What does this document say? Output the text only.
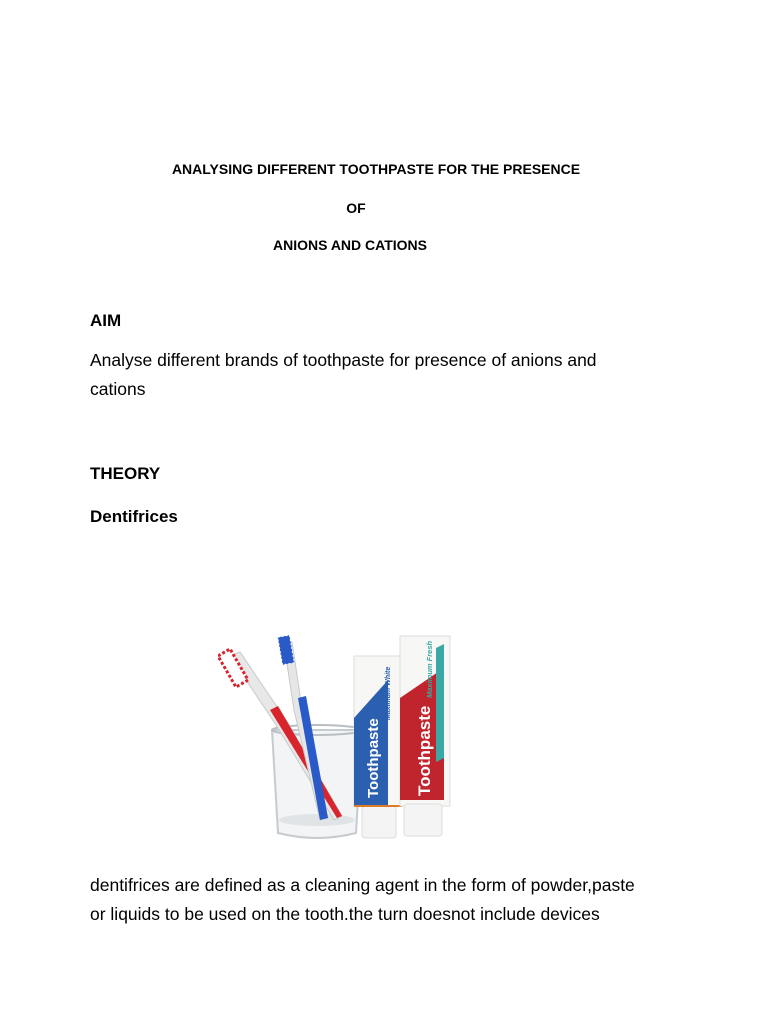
ANALYSING DIFFERENT TOOTHPASTE FOR THE PRESENCE
OF
ANIONS AND CATIONS
AIM
Analyse different brands of toothpaste for presence of anions and
cations
THEORY
Dentifrices
Toothpaste
Maximum White
Toothpaste
Maximum Fresh
dentifrices are defined as a cleaning agent in the form of powder,paste
or liquids to be used on the tooth.the turn doesnot include devices
